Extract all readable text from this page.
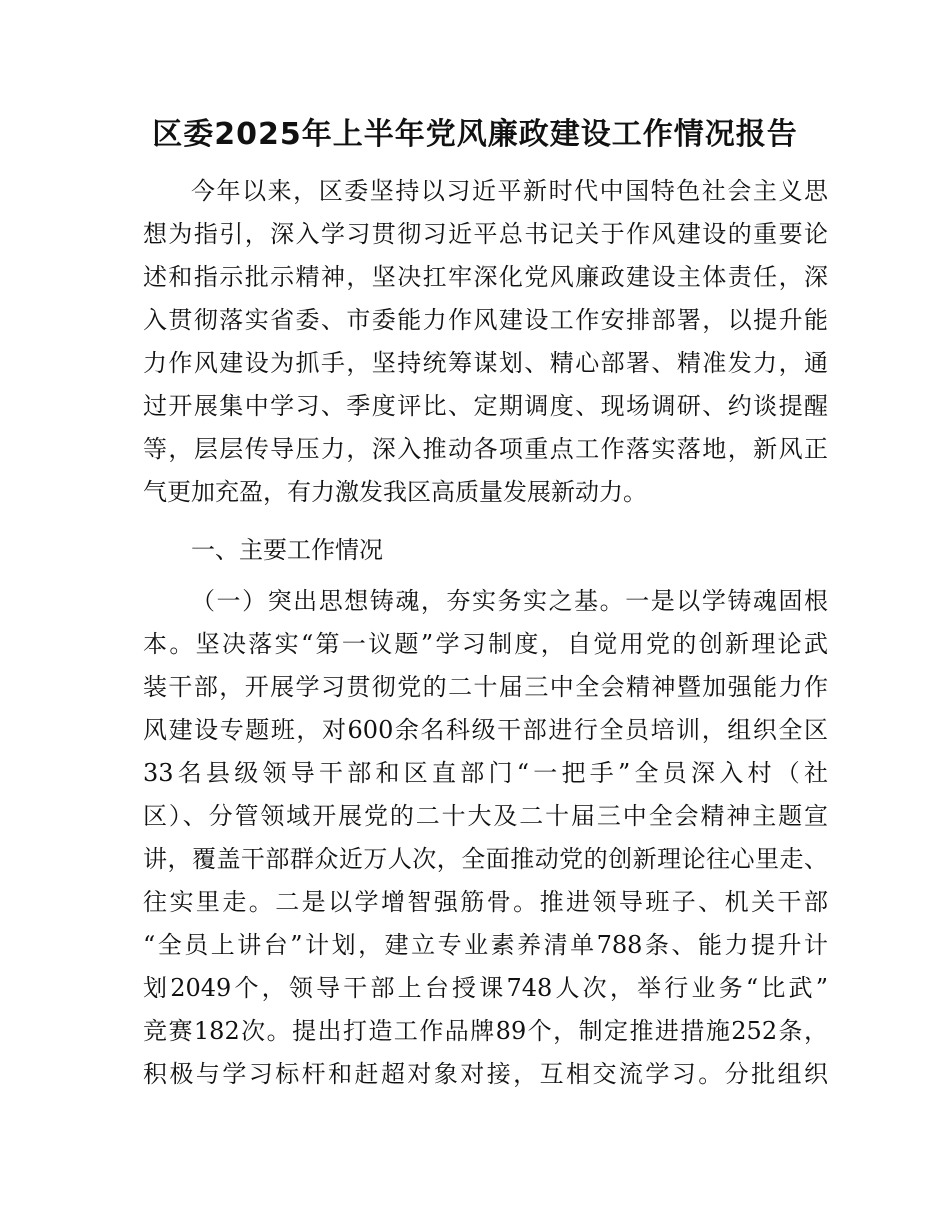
区委2025年上半年党风廉政建设工作情况报告
今年以来，区委坚持以习近平新时代中国特色社会主义思
想为指引，深入学习贯彻习近平总书记关于作风建设的重要论
述和指示批示精神，坚决扛牢深化党风廉政建设主体责任，深
入贯彻落实省委、市委能力作风建设工作安排部署，以提升能
力作风建设为抓手，坚持统筹谋划、精心部署、精准发力，通
过开展集中学习、季度评比、定期调度、现场调研、约谈提醒
等，层层传导压力，深入推动各项重点工作落实落地，新风正
气更加充盈，有力激发我区高质量发展新动力。
一、主要工作情况
（一）突出思想铸魂，夯实务实之基。一是以学铸魂固根
本。坚决落实“第一议题”学习制度，自觉用党的创新理论武
装干部，开展学习贯彻党的二十届三中全会精神暨加强能力作
风建设专题班，对600余名科级干部进行全员培训，组织全区
33名县级领导干部和区直部门“一把手”全员深入村（社
区）、分管领域开展党的二十大及二十届三中全会精神主题宣
讲，覆盖干部群众近万人次，全面推动党的创新理论往心里走、
往实里走。二是以学增智强筋骨。推进领导班子、机关干部
“全员上讲台”计划，建立专业素养清单788条、能力提升计
划2049个，领导干部上台授课748人次，举行业务“比武”
竞赛182次。提出打造工作品牌89个，制定推进措施252条，
积极与学习标杆和赶超对象对接，互相交流学习。分批组织
